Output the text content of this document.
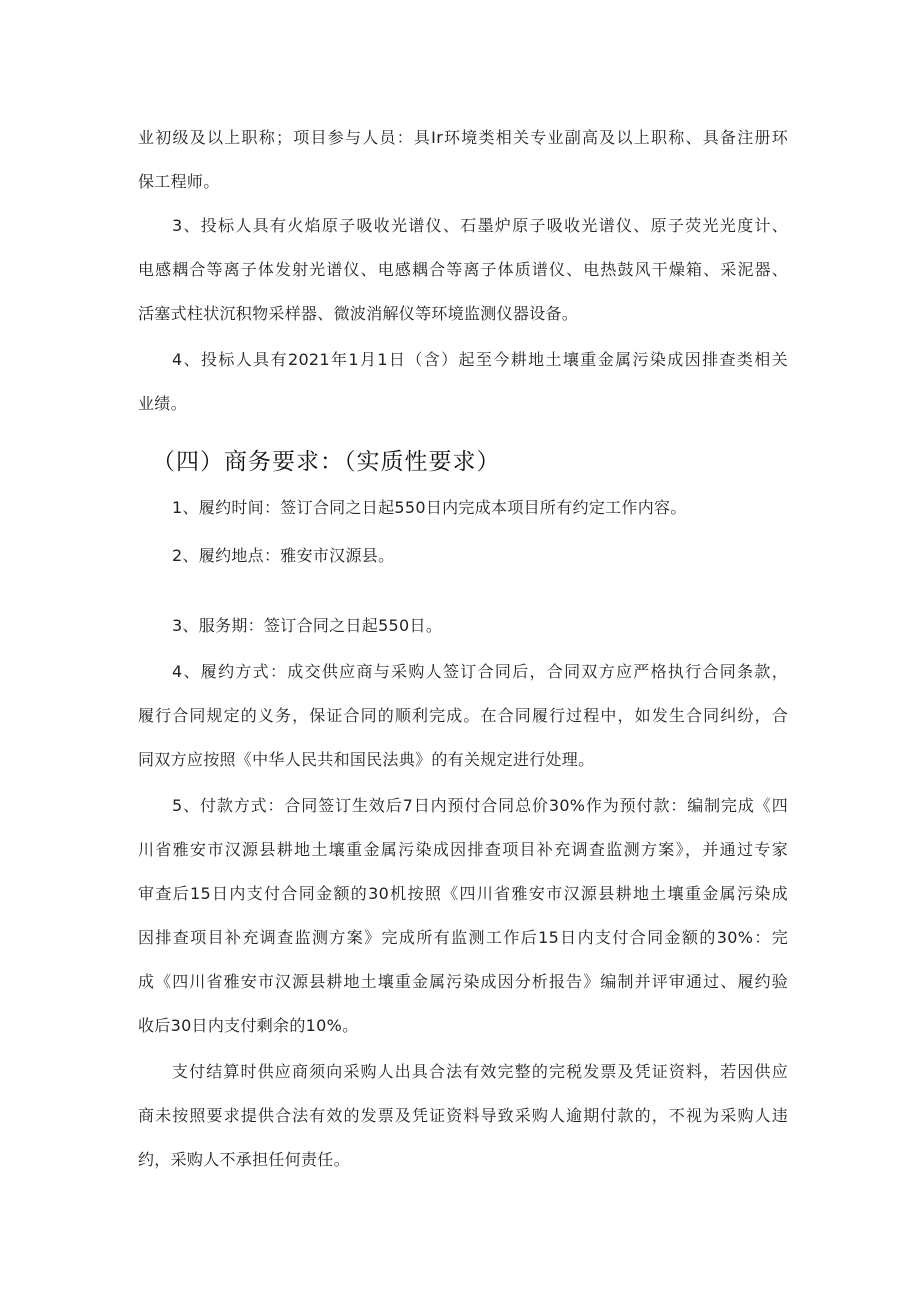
业初级及以上职称；项目参与人员：具Ir环境类相关专业副高及以上职称、具备注册环
保工程师。
3、投标人具有火焰原子吸收光谱仪、石墨炉原子吸收光谱仪、原子荧光光度计、
电感耦合等离子体发射光谱仪、电感耦合等离子体质谱仪、电热鼓风干燥箱、采泥器、
活塞式柱状沉积物采样器、微波消解仪等环境监测仪器设备。
4、投标人具有2021年1月1日（含）起至今耕地土壤重金属污染成因排查类相关
业绩。
（四）商务要求：（实质性要求）
1、履约时间：签订合同之日起550日内完成本项目所有约定工作内容。
2、履约地点：雅安市汉源县。
3、服务期：签订合同之日起550日。
4、履约方式：成交供应商与采购人签订合同后，合同双方应严格执行合同条款，
履行合同规定的义务，保证合同的顺利完成。在合同履行过程中，如发生合同纠纷，合
同双方应按照《中华人民共和国民法典》的有关规定进行处理。
5、付款方式：合同签订生效后7日内预付合同总价30%作为预付款：编制完成《四
川省雅安市汉源县耕地土壤重金属污染成因排查项目补充调查监测方案》，并通过专家
审查后15日内支付合同金额的30机按照《四川省雅安市汉源县耕地土壤重金属污染成
因排查项目补充调查监测方案》完成所有监测工作后15日内支付合同金额的30%：完
成《四川省雅安市汉源县耕地土壤重金属污染成因分析报告》编制并评审通过、履约验
收后30日内支付剩余的10%。
支付结算时供应商须向采购人出具合法有效完整的完税发票及凭证资料，若因供应
商未按照要求提供合法有效的发票及凭证资料导致采购人逾期付款的，不视为采购人违
约，采购人不承担任何责任。
